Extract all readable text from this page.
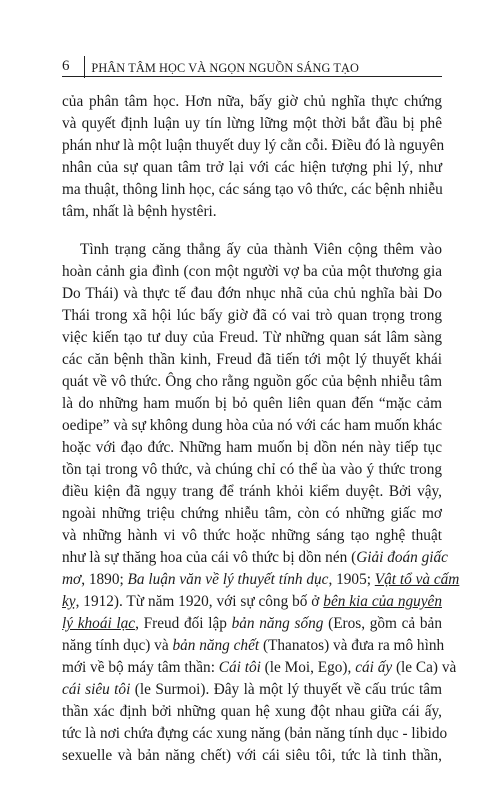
6	PHÂN TÂM HỌC VÀ NGỌN NGUỒN SÁNG TẠO

của phân tâm học. Hơn nữa, bấy giờ chủ nghĩa thực chứng
và quyết định luận uy tín lừng lững một thời bắt đầu bị phê
phán như là một luận thuyết duy lý cằn cỗi. Điều đó là nguyên
nhân của sự quan tâm trở lại với các hiện tượng phi lý, như
ma thuật, thông linh học, các sáng tạo vô thức, các bệnh nhiễu
tâm, nhất là bệnh hystêri.

Tình trạng căng thẳng ấy của thành Viên cộng thêm vào
hoàn cảnh gia đình (con một người vợ ba của một thương gia
Do Thái) và thực tế đau đớn nhục nhã của chủ nghĩa bài Do
Thái trong xã hội lúc bấy giờ đã có vai trò quan trọng trong
việc kiến tạo tư duy của Freud. Từ những quan sát lâm sàng
các căn bệnh thần kinh, Freud đã tiến tới một lý thuyết khái
quát về vô thức. Ông cho rằng nguồn gốc của bệnh nhiễu tâm
là do những ham muốn bị bỏ quên liên quan đến “mặc cảm
oedipe” và sự không dung hòa của nó với các ham muốn khác
hoặc với đạo đức. Những ham muốn bị dồn nén này tiếp tục
tồn tại trong vô thức, và chúng chỉ có thể ùa vào ý thức trong
điều kiện đã ngụy trang để tránh khỏi kiểm duyệt. Bởi vậy,
ngoài những triệu chứng nhiễu tâm, còn có những giấc mơ
và những hành vi vô thức hoặc những sáng tạo nghệ thuật
như là sự thăng hoa của cái vô thức bị dồn nén (Giải đoán giấc
mơ, 1890; Ba luận văn về lý thuyết tính dục, 1905; Vật tổ và cấm
kỵ, 1912). Từ năm 1920, với sự công bố ở bên kia của nguyên
lý khoái lạc, Freud đối lập bản năng sống (Eros, gồm cả bản
năng tính dục) và bản năng chết (Thanatos) và đưa ra mô hình
mới về bộ máy tâm thần: Cái tôi (le Moi, Ego), cái ấy (le Ca) và
cái siêu tôi (le Surmoi). Đây là một lý thuyết về cấu trúc tâm
thần xác định bởi những quan hệ xung đột nhau giữa cái ấy,
tức là nơi chứa đựng các xung năng (bản năng tính dục - libido
sexuelle và bản năng chết) với cái siêu tôi, tức là tinh thần,
